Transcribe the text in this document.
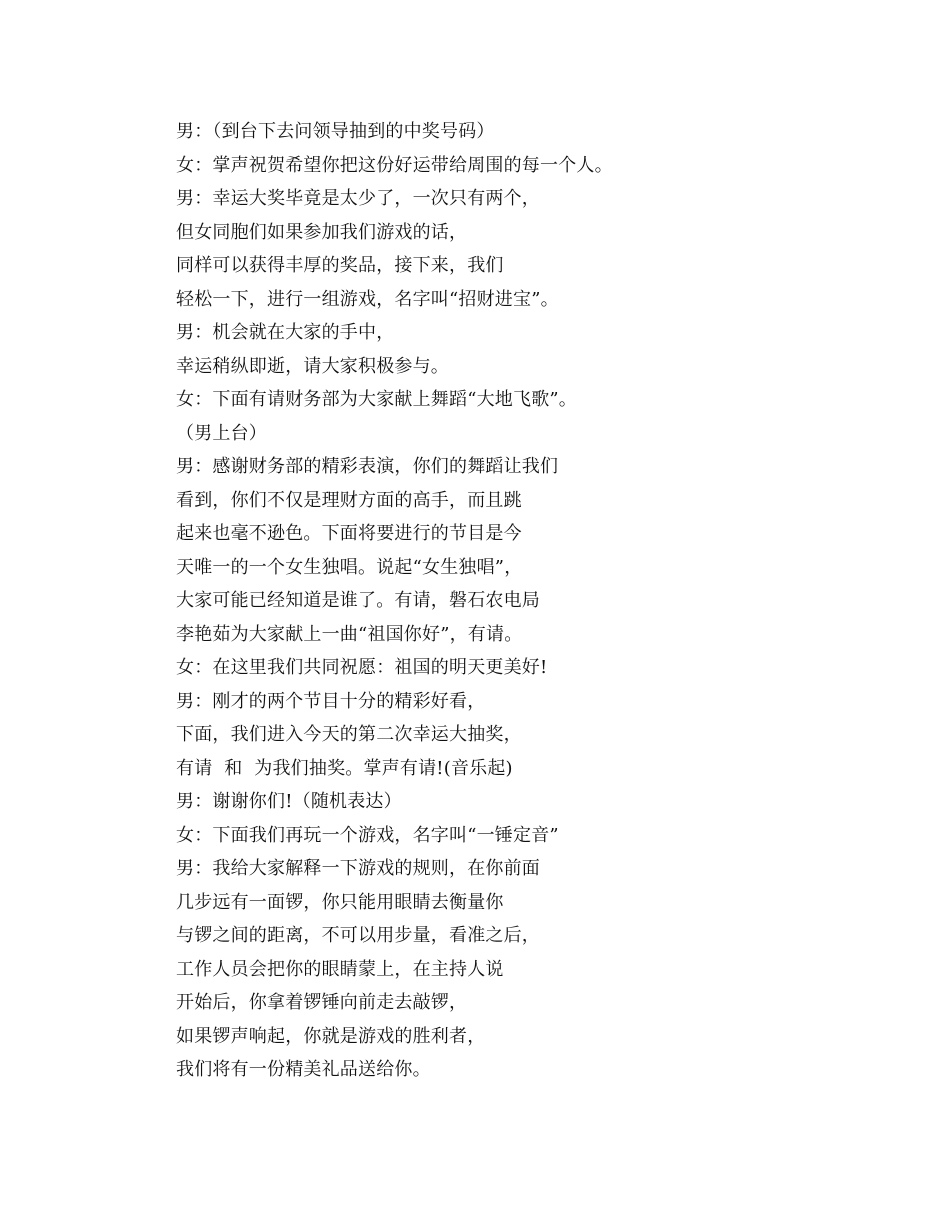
男：（到台下去问领导抽到的中奖号码）
女：掌声祝贺希望你把这份好运带给周围的每一个人。
男：幸运大奖毕竟是太少了，一次只有两个，
但女同胞们如果参加我们游戏的话，
同样可以获得丰厚的奖品，接下来，我们
轻松一下，进行一组游戏，名字叫“招财进宝”。
男：机会就在大家的手中，
幸运稍纵即逝，请大家积极参与。
女：下面有请财务部为大家献上舞蹈“大地飞歌”。
（男上台）
男：感谢财务部的精彩表演，你们的舞蹈让我们
看到，你们不仅是理财方面的高手，而且跳
起来也毫不逊色。下面将要进行的节目是今
天唯一的一个女生独唱。说起“女生独唱”，
大家可能已经知道是谁了。有请，磐石农电局
李艳茹为大家献上一曲“祖国你好”，有请。
女：在这里我们共同祝愿：祖国的明天更美好!
男：刚才的两个节目十分的精彩好看，
下面，我们进入今天的第二次幸运大抽奖，
有请  和  为我们抽奖。掌声有请!(音乐起)
男：谢谢你们!（随机表达）
女：下面我们再玩一个游戏，名字叫“一锤定音”
男：我给大家解释一下游戏的规则，在你前面
几步远有一面锣，你只能用眼睛去衡量你
与锣之间的距离，不可以用步量，看准之后，
工作人员会把你的眼睛蒙上，在主持人说
开始后，你拿着锣锤向前走去敲锣，
如果锣声响起，你就是游戏的胜利者，
我们将有一份精美礼品送给你。
